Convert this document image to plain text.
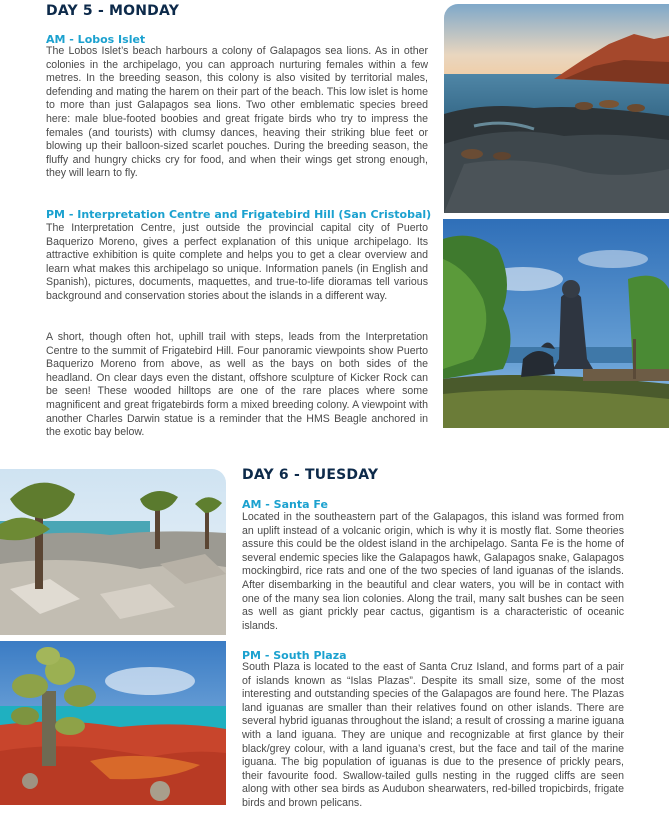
DAY 5 - MONDAY
AM - Lobos Islet

The Lobos Islet’s beach harbours a colony of Galapagos sea lions. As in other colonies in the archipelago, you can approach nurturing females within a few metres. In the breeding season, this colony is also visited by territorial males, defending and mating the harem on their part of the beach. This low islet is home to more than just Galapagos sea lions. Two other emblematic species breed here: male blue-footed boobies and great frigate birds who try to impress the females (and tourists) with clumsy dances, heaving their striking blue feet or blowing up their balloon-sized scarlet pouches. During the breeding season, the fluffy and hungry chicks cry for food, and when their wings get strong enough, they will learn to fly.

PM - Interpretation Centre and Frigatebird Hill (San Cristobal)

The Interpretation Centre, just outside the provincial capital city of Puerto Baquerizo Moreno, gives a perfect explanation of this unique archipelago. Its attractive exhibition is quite complete and helps you to get a clear overview and learn what makes this archipelago so unique. Information panels (in English and Spanish), pictures, documents, maquettes, and true-to-life dioramas tell various background and conservation stories about the islands in a different way.

A short, though often hot, uphill trail with steps, leads from the Interpretation Centre to the summit of Frigatebird Hill. Four panoramic viewpoints show Puerto Baquerizo Moreno from above, as well as the bays on both sides of the headland. On clear days even the distant, offshore sculpture of Kicker Rock can be seen! These wooded hilltops are one of the rare places where some magnificent and great frigatebirds form a mixed breeding colony. A viewpoint with another Charles Darwin statue is a reminder that the HMS Beagle anchored in the exotic bay below.

DAY 6 - TUESDAY
AM - Santa Fe

Located in the southeastern part of the Galapagos, this island was formed from an uplift instead of a volcanic origin, which is why it is mostly flat. Some theories assure this could be the oldest island in the archipelago. Santa Fe is the home of several endemic species like the Galapagos hawk, Galapagos snake, Galapagos mockingbird, rice rats and one of the two species of land iguanas of the islands. After disembarking in the beautiful and clear waters, you will be in contact with one of the many sea lion colonies. Along the trail, many salt bushes can be seen as well as giant prickly pear cactus, gigantism is a characteristic of oceanic islands.

PM - South Plaza

South Plaza is located to the east of Santa Cruz Island, and forms part of a pair of islands known as “Islas Plazas”. Despite its small size, some of the most interesting and outstanding species of the Galapagos are found here. The Plazas land iguanas are smaller than their relatives found on other islands. There are several hybrid iguanas throughout the island; a result of crossing a marine iguana with a land iguana. They are unique and recognizable at first glance by their black/grey colour, with a land iguana’s crest, but the face and tail of the marine iguana. The big population of iguanas is due to the presence of prickly pears, their favourite food. Swallow-tailed gulls nesting in the rugged cliffs are seen along with other sea birds as Audubon shearwaters, red-billed tropicbirds, frigate birds and brown pelicans.
